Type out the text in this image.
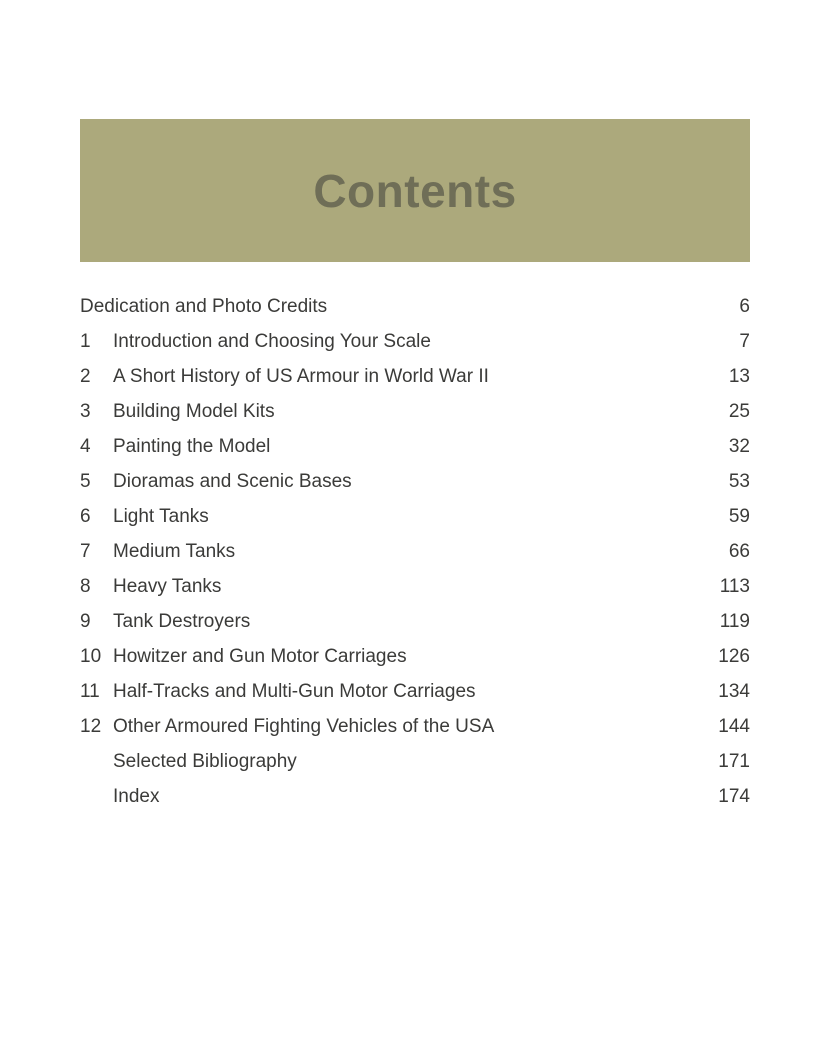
Contents
Dedication and Photo Credits	6
1	Introduction and Choosing Your Scale	7
2	A Short History of US Armour in World War II	13
3	Building Model Kits	25
4	Painting the Model	32
5	Dioramas and Scenic Bases	53
6	Light Tanks	59
7	Medium Tanks	66
8	Heavy Tanks	113
9	Tank Destroyers	119
10 Howitzer and Gun Motor Carriages	126
11 Half-Tracks and Multi-Gun Motor Carriages	134
12 Other Armoured Fighting Vehicles of the USA	144
Selected Bibliography	171
Index	174
